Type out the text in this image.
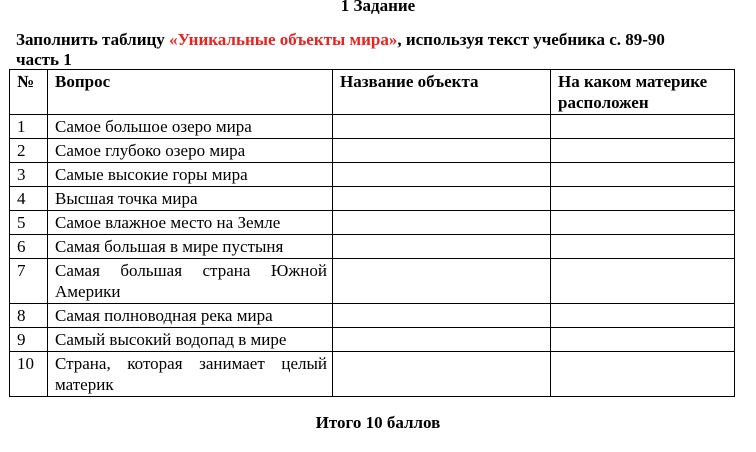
1 Задание
Заполнить таблицу «Уникальные объекты мира», используя текст учебника с. 89-90
часть 1
№	Вопрос	Название объекта	На каком материке расположен
1	Самое большое озеро мира		
2	Самое глубоко озеро мира		
3	Самые высокие горы мира		
4	Высшая точка мира		
5	Самое влажное место на Земле		
6	Самая большая в мире пустыня		
7	Самая большая страна Южной Америки		
8	Самая полноводная река мира		
9	Самый высокий водопад в мире		
10	Страна, которая занимает целый материк		
Итого 10 баллов
